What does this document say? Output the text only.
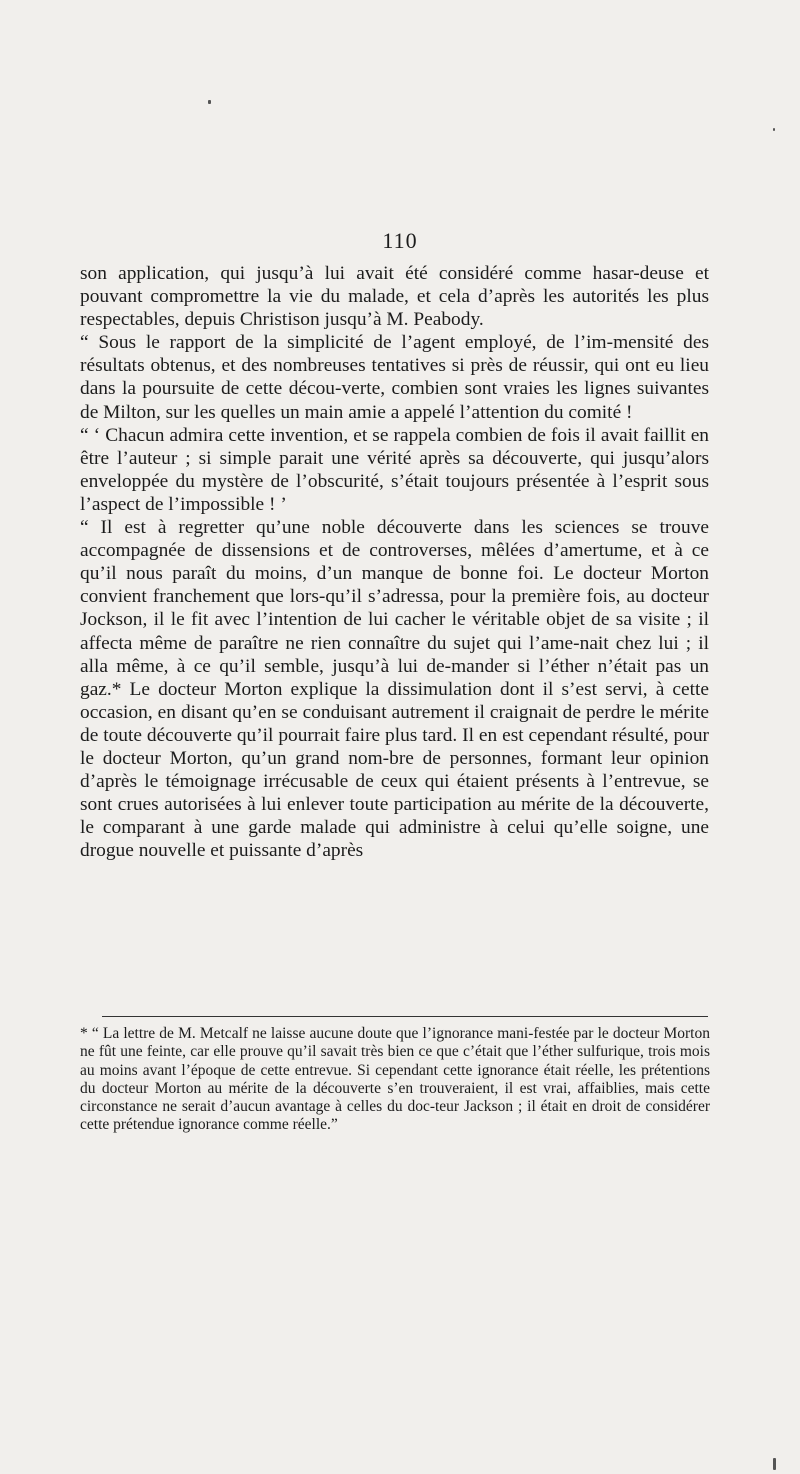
110

son application, qui jusqu’à lui avait été considéré comme hasar-deuse et pouvant compromettre la vie du malade, et cela d’après les autorités les plus respectables, depuis Christison jusqu’à M. Peabody.

“ Sous le rapport de la simplicité de l’agent employé, de l’im-mensité des résultats obtenus, et des nombreuses tentatives si près de réussir, qui ont eu lieu dans la poursuite de cette décou-verte, combien sont vraies les lignes suivantes de Milton, sur les quelles un main amie a appelé l’attention du comité !

“ ‘ Chacun admira cette invention, et se rappela combien de fois il avait faillit en être l’auteur ; si simple parait une vérité après sa découverte, qui jusqu’alors enveloppée du mystère de l’obscurité, s’était toujours présentée à l’esprit sous l’aspect de l’impossible ! ’

“ Il est à regretter qu’une noble découverte dans les sciences se trouve accompagnée de dissensions et de controverses, mêlées d’amertume, et à ce qu’il nous paraît du moins, d’un manque de bonne foi. Le docteur Morton convient franchement que lors-qu’il s’adressa, pour la première fois, au docteur Jockson, il le fit avec l’intention de lui cacher le véritable objet de sa visite ; il affecta même de paraître ne rien connaître du sujet qui l’ame-nait chez lui ; il alla même, à ce qu’il semble, jusqu’à lui de-mander si l’éther n’était pas un gaz.* Le docteur Morton explique la dissimulation dont il s’est servi, à cette occasion, en disant qu’en se conduisant autrement il craignait de perdre le mérite de toute découverte qu’il pourrait faire plus tard. Il en est cependant résulté, pour le docteur Morton, qu’un grand nom-bre de personnes, formant leur opinion d’après le témoignage irrécusable de ceux qui étaient présents à l’entrevue, se sont crues autorisées à lui enlever toute participation au mérite de la découverte, le comparant à une garde malade qui administre à celui qu’elle soigne, une drogue nouvelle et puissante d’après

* “ La lettre de M. Metcalf ne laisse aucune doute que l’ignorance mani-festée par le docteur Morton ne fût une feinte, car elle prouve qu’il savait très bien ce que c’était que l’éther sulfurique, trois mois au moins avant l’époque de cette entrevue. Si cependant cette ignorance était réelle, les prétentions du docteur Morton au mérite de la découverte s’en trouveraient, il est vrai, affaiblies, mais cette circonstance ne serait d’aucun avantage à celles du doc-teur Jackson ; il était en droit de considérer cette prétendue ignorance comme réelle.”
